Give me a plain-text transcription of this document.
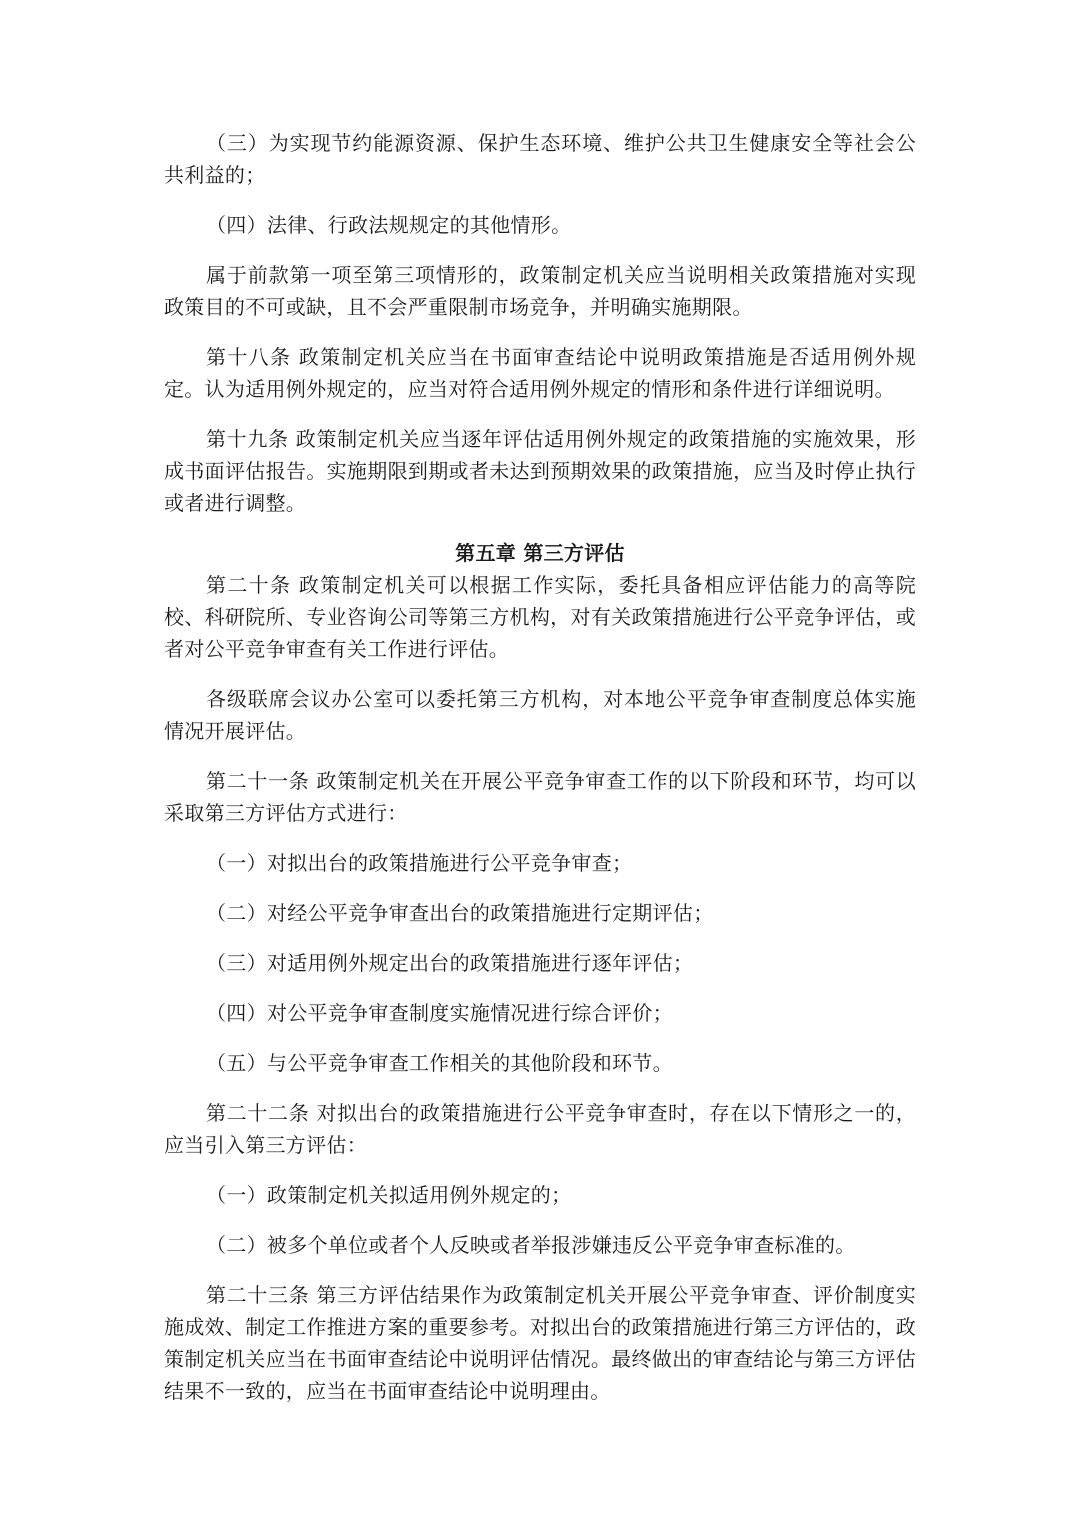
（三）为实现节约能源资源、保护生态环境、维护公共卫生健康安全等社会公共利益的；

（四）法律、行政法规规定的其他情形。

属于前款第一项至第三项情形的，政策制定机关应当说明相关政策措施对实现政策目的不可或缺，且不会严重限制市场竞争，并明确实施期限。

第十八条 政策制定机关应当在书面审查结论中说明政策措施是否适用例外规定。认为适用例外规定的，应当对符合适用例外规定的情形和条件进行详细说明。

第十九条 政策制定机关应当逐年评估适用例外规定的政策措施的实施效果，形成书面评估报告。实施期限到期或者未达到预期效果的政策措施，应当及时停止执行或者进行调整。

第五章 第三方评估

第二十条 政策制定机关可以根据工作实际，委托具备相应评估能力的高等院校、科研院所、专业咨询公司等第三方机构，对有关政策措施进行公平竞争评估，或者对公平竞争审查有关工作进行评估。

各级联席会议办公室可以委托第三方机构，对本地公平竞争审查制度总体实施情况开展评估。

第二十一条 政策制定机关在开展公平竞争审查工作的以下阶段和环节，均可以采取第三方评估方式进行：

（一）对拟出台的政策措施进行公平竞争审查；

（二）对经公平竞争审查出台的政策措施进行定期评估；

（三）对适用例外规定出台的政策措施进行逐年评估；

（四）对公平竞争审查制度实施情况进行综合评价；

（五）与公平竞争审查工作相关的其他阶段和环节。

第二十二条 对拟出台的政策措施进行公平竞争审查时，存在以下情形之一的，应当引入第三方评估：

（一）政策制定机关拟适用例外规定的；

（二）被多个单位或者个人反映或者举报涉嫌违反公平竞争审查标准的。

第二十三条 第三方评估结果作为政策制定机关开展公平竞争审查、评价制度实施成效、制定工作推进方案的重要参考。对拟出台的政策措施进行第三方评估的，政策制定机关应当在书面审查结论中说明评估情况。最终做出的审查结论与第三方评估结果不一致的，应当在书面审查结论中说明理由。
